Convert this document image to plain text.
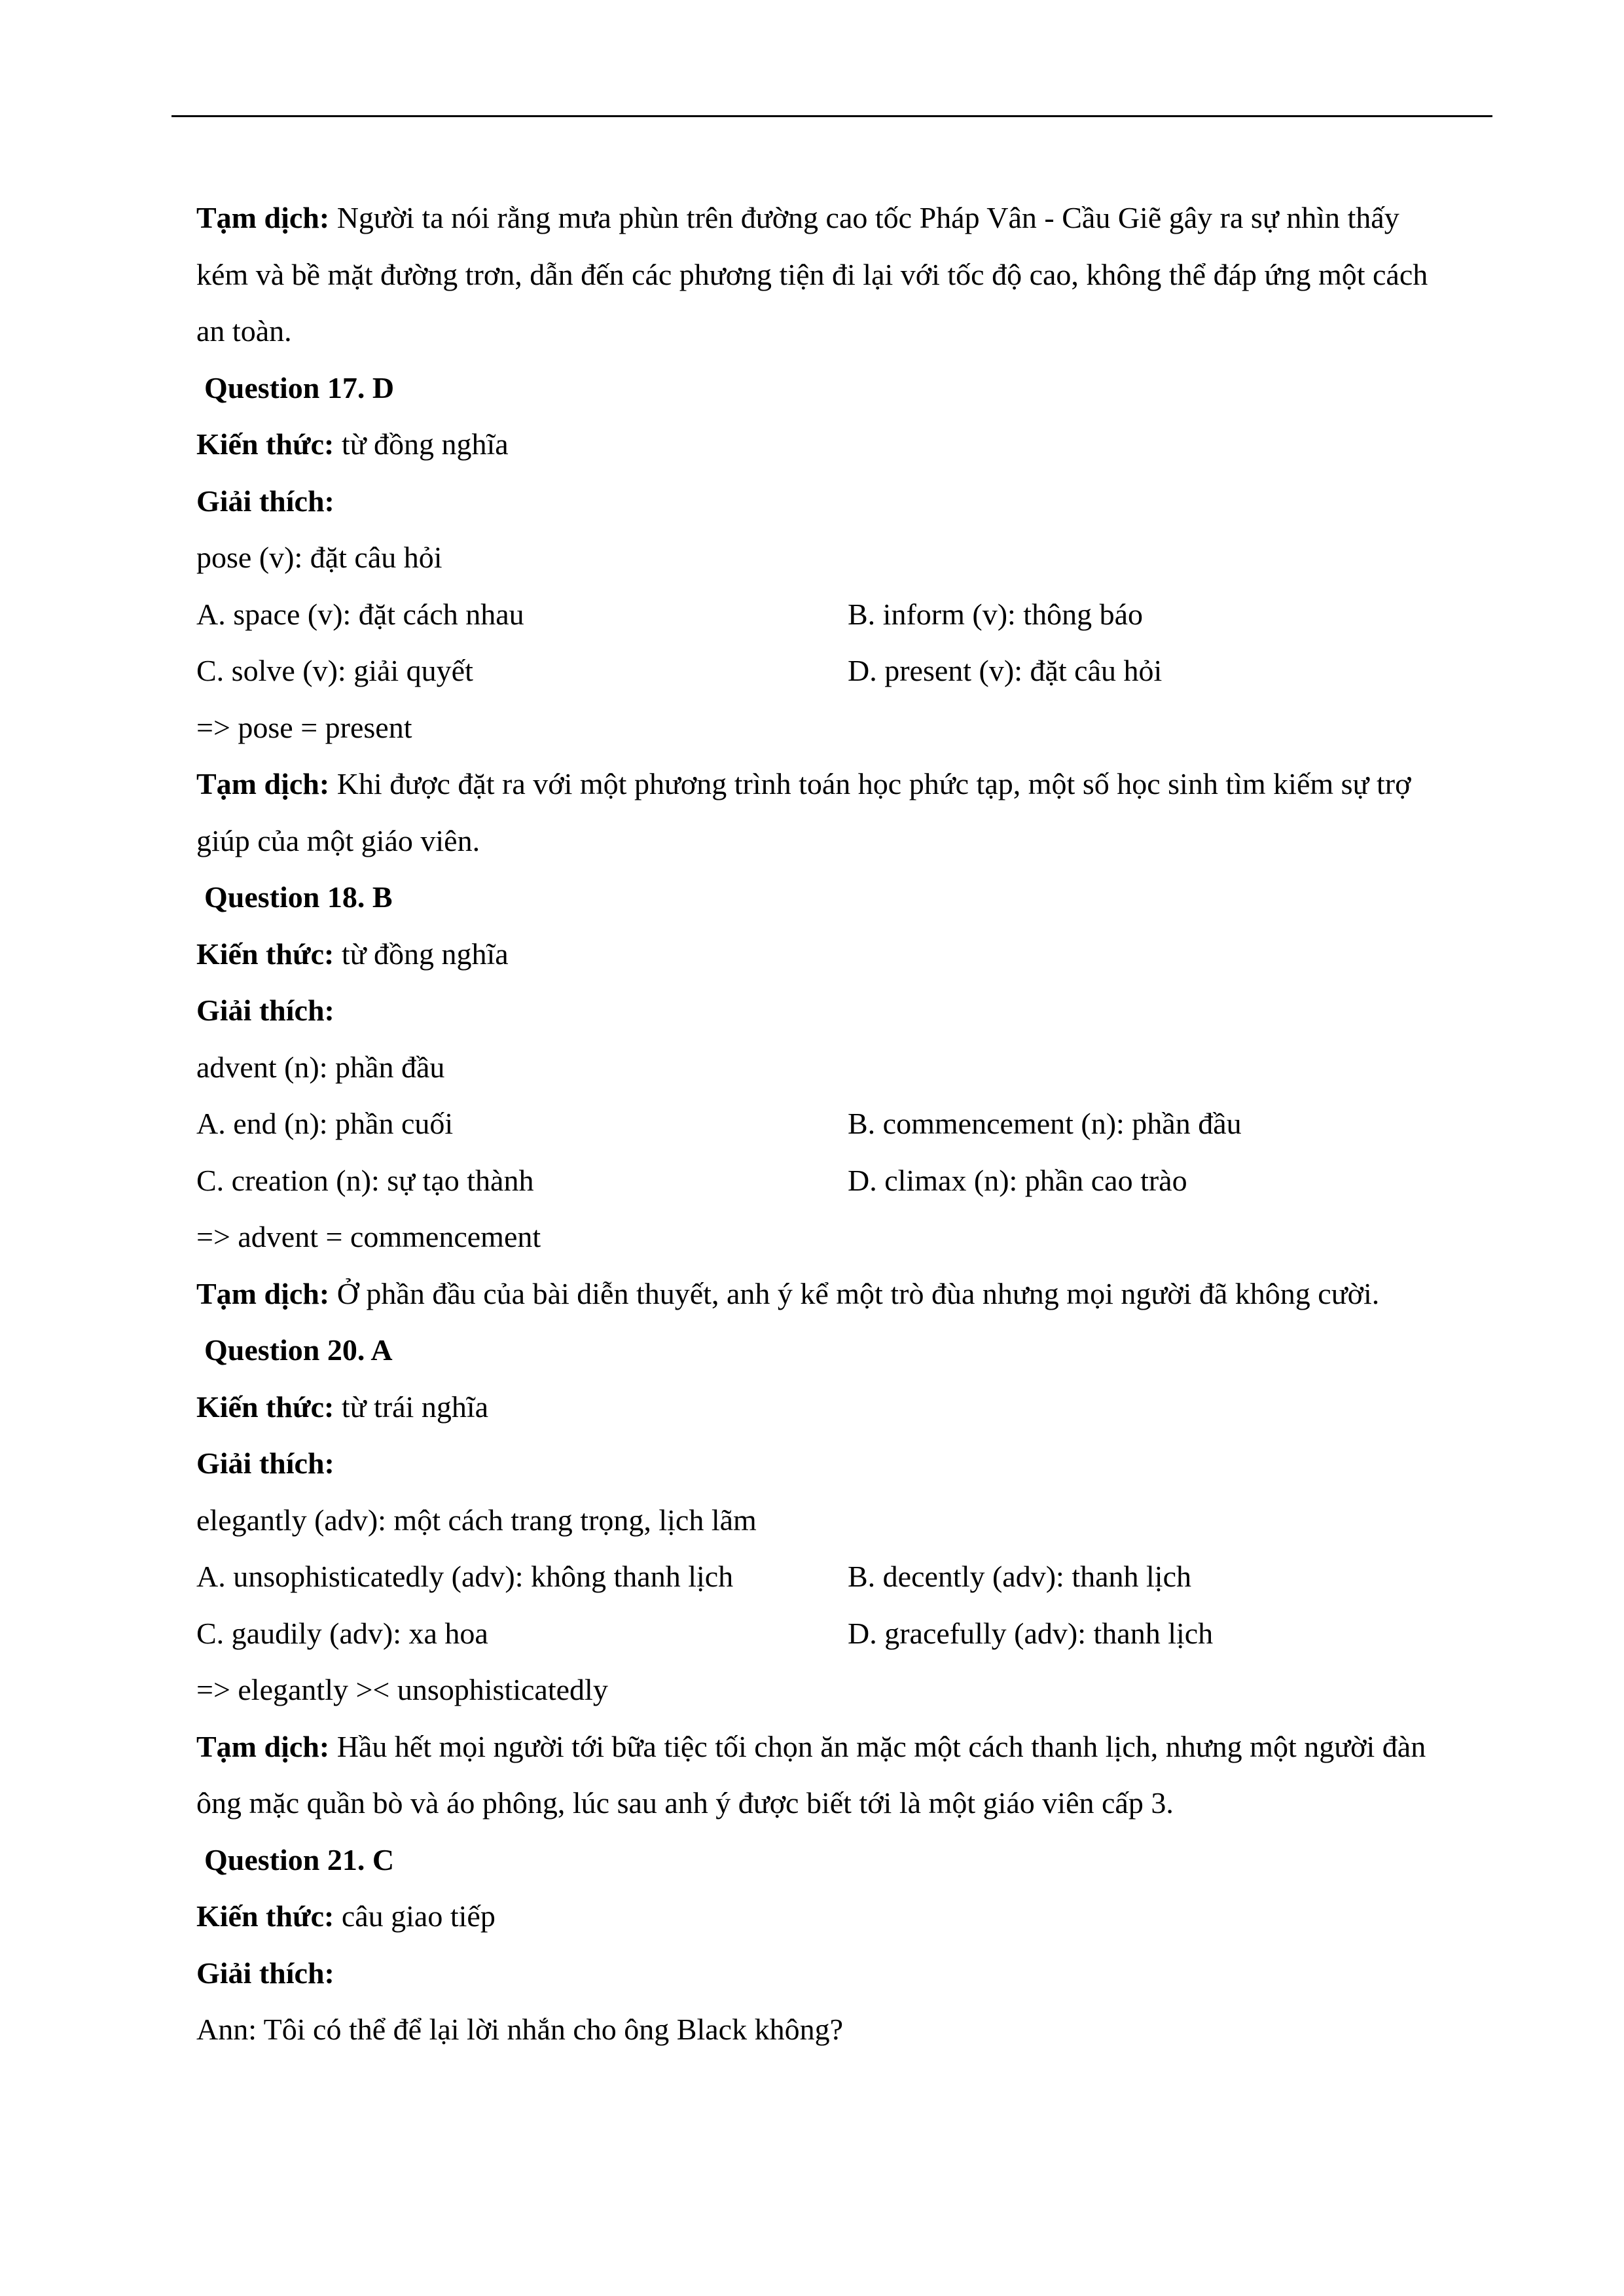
Tạm dịch: Người ta nói rằng mưa phùn trên đường cao tốc Pháp Vân - Cầu Giẽ gây ra sự nhìn thấy kém và bề mặt đường trơn, dẫn đến các phương tiện đi lại với tốc độ cao, không thể đáp ứng một cách an toàn.

Question 17. D
Kiến thức: từ đồng nghĩa
Giải thích:
pose (v): đặt câu hỏi
A. space (v): đặt cách nhau	B. inform (v): thông báo
C. solve (v): giải quyết	D. present (v): đặt câu hỏi
=> pose = present

Tạm dịch: Khi được đặt ra với một phương trình toán học phức tạp, một số học sinh tìm kiếm sự trợ giúp của một giáo viên.

Question 18. B
Kiến thức: từ đồng nghĩa
Giải thích:
advent (n): phần đầu
A. end (n): phần cuối	B. commencement (n): phần đầu
C. creation (n): sự tạo thành	D. climax (n): phần cao trào
=> advent = commencement

Tạm dịch: Ở phần đầu của bài diễn thuyết, anh ý kể một trò đùa nhưng mọi người đã không cười.

Question 20. A
Kiến thức: từ trái nghĩa
Giải thích:
elegantly (adv): một cách trang trọng, lịch lãm
A. unsophisticatedly (adv): không thanh lịch	B. decently (adv): thanh lịch
C. gaudily (adv): xa hoa	D. gracefully (adv): thanh lịch
=> elegantly >< unsophisticatedly

Tạm dịch: Hầu hết mọi người tới bữa tiệc tối chọn ăn mặc một cách thanh lịch, nhưng một người đàn ông mặc quần bò và áo phông, lúc sau anh ý được biết tới là một giáo viên cấp 3.

Question 21. C
Kiến thức: câu giao tiếp
Giải thích:
Ann: Tôi có thể để lại lời nhắn cho ông Black không?
